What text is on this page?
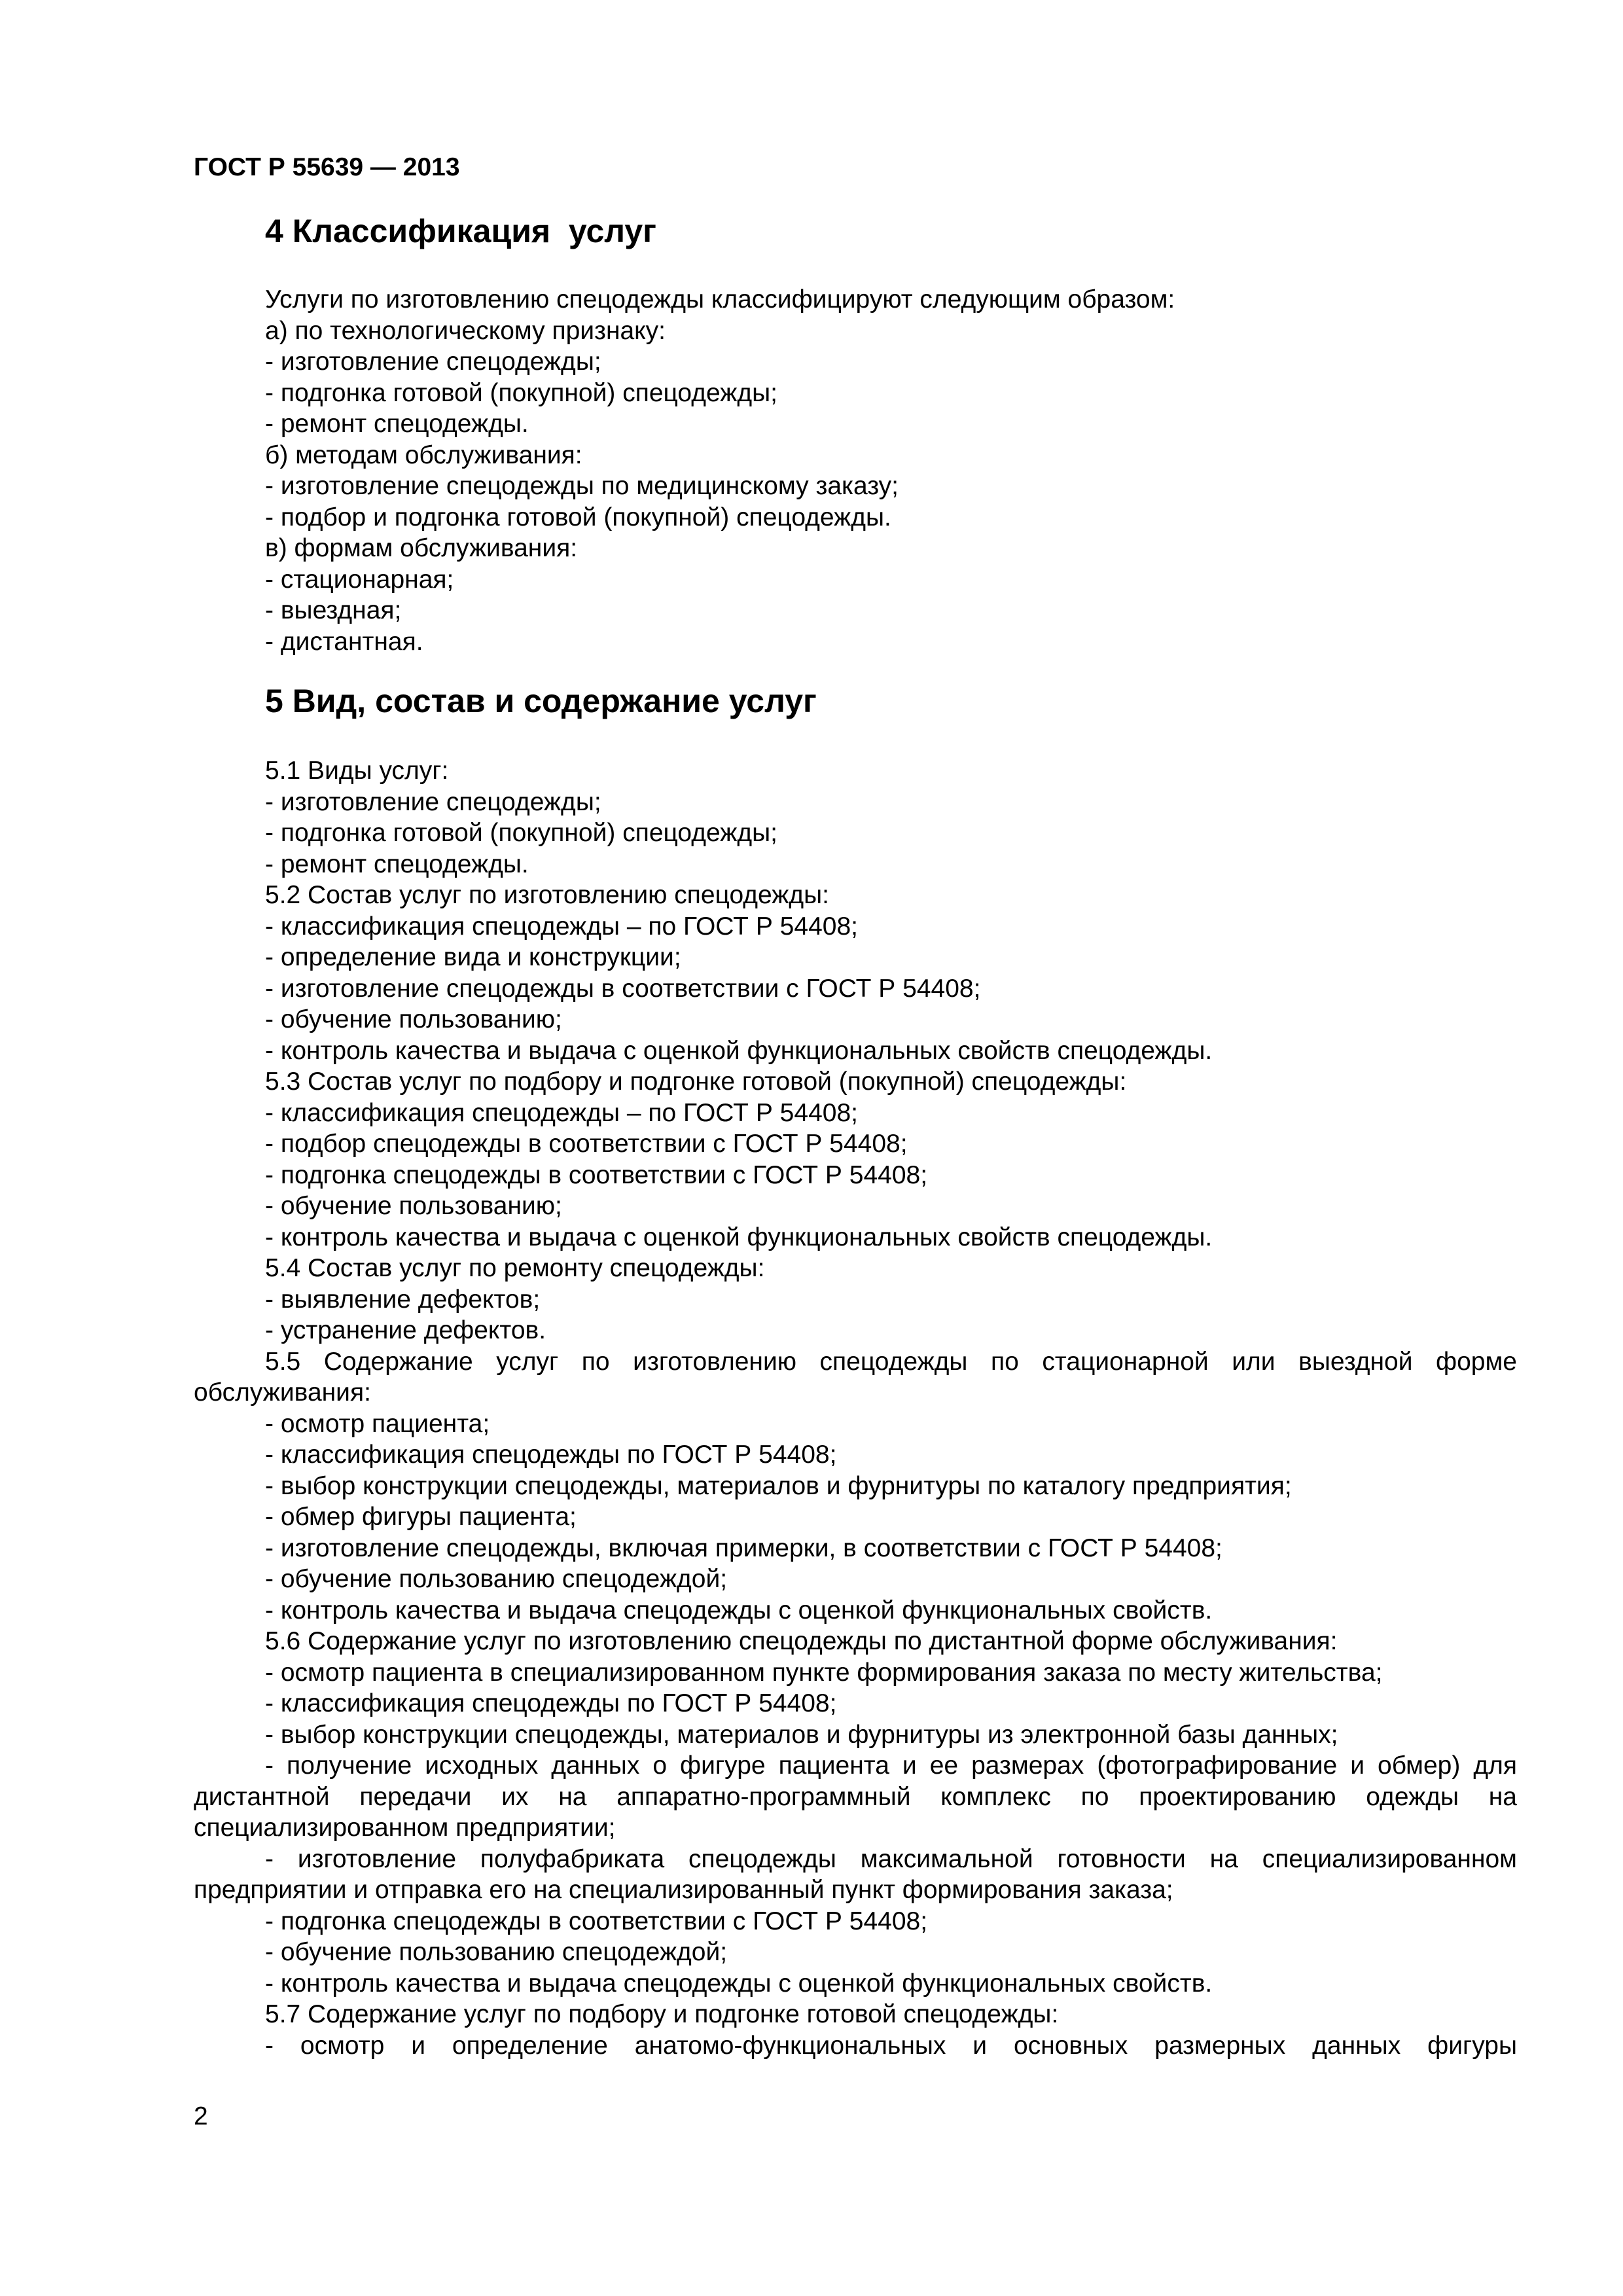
ГОСТ Р 55639 — 2013
4 Классификация  услуг
Услуги по изготовлению спецодежды классифицируют следующим образом:
а) по технологическому признаку:
- изготовление спецодежды;
- подгонка готовой (покупной) спецодежды;
- ремонт спецодежды.
б) методам обслуживания:
- изготовление спецодежды по медицинскому заказу;
- подбор и подгонка готовой (покупной) спецодежды.
в) формам обслуживания:
- стационарная;
- выездная;
- дистантная.
5 Вид, состав и содержание услуг
5.1 Виды услуг:
- изготовление спецодежды;
- подгонка готовой (покупной) спецодежды;
- ремонт спецодежды.
5.2 Состав услуг по изготовлению спецодежды:
- классификация спецодежды – по ГОСТ Р 54408;
- определение вида и конструкции;
- изготовление спецодежды в соответствии с ГОСТ Р 54408;
- обучение пользованию;
- контроль качества и выдача с оценкой функциональных свойств спецодежды.
5.3 Состав услуг по подбору и подгонке готовой (покупной) спецодежды:
- классификация спецодежды – по ГОСТ Р 54408;
- подбор спецодежды в соответствии с ГОСТ Р 54408;
- подгонка спецодежды в соответствии с ГОСТ Р 54408;
- обучение пользованию;
- контроль качества и выдача с оценкой функциональных свойств спецодежды.
5.4 Состав услуг по ремонту спецодежды:
- выявление дефектов;
- устранение дефектов.
5.5 Содержание услуг по изготовлению спецодежды по стационарной или выездной форме обслуживания:
- осмотр пациента;
- классификация спецодежды по ГОСТ Р 54408;
- выбор конструкции спецодежды, материалов и фурнитуры по каталогу предприятия;
- обмер фигуры пациента;
- изготовление спецодежды, включая примерки, в соответствии с ГОСТ Р 54408;
- обучение пользованию спецодеждой;
- контроль качества и выдача спецодежды с оценкой функциональных свойств.
5.6 Содержание услуг по изготовлению спецодежды по дистантной форме обслуживания:
- осмотр пациента в специализированном пункте формирования заказа по месту жительства;
- классификация спецодежды по ГОСТ Р 54408;
- выбор конструкции спецодежды, материалов и фурнитуры из электронной базы данных;
- получение исходных данных о фигуре пациента и ее размерах (фотографирование и обмер) для дистантной передачи их на аппаратно-программный комплекс по проектированию одежды на специализированном предприятии;
- изготовление полуфабриката спецодежды максимальной готовности на специализированном предприятии и отправка его на специализированный пункт формирования заказа;
- подгонка спецодежды в соответствии с ГОСТ Р 54408;
- обучение пользованию спецодеждой;
- контроль качества и выдача спецодежды с оценкой функциональных свойств.
5.7 Содержание услуг по подбору и подгонке готовой спецодежды:
- осмотр и определение анатомо-функциональных и основных размерных данных фигуры
2
